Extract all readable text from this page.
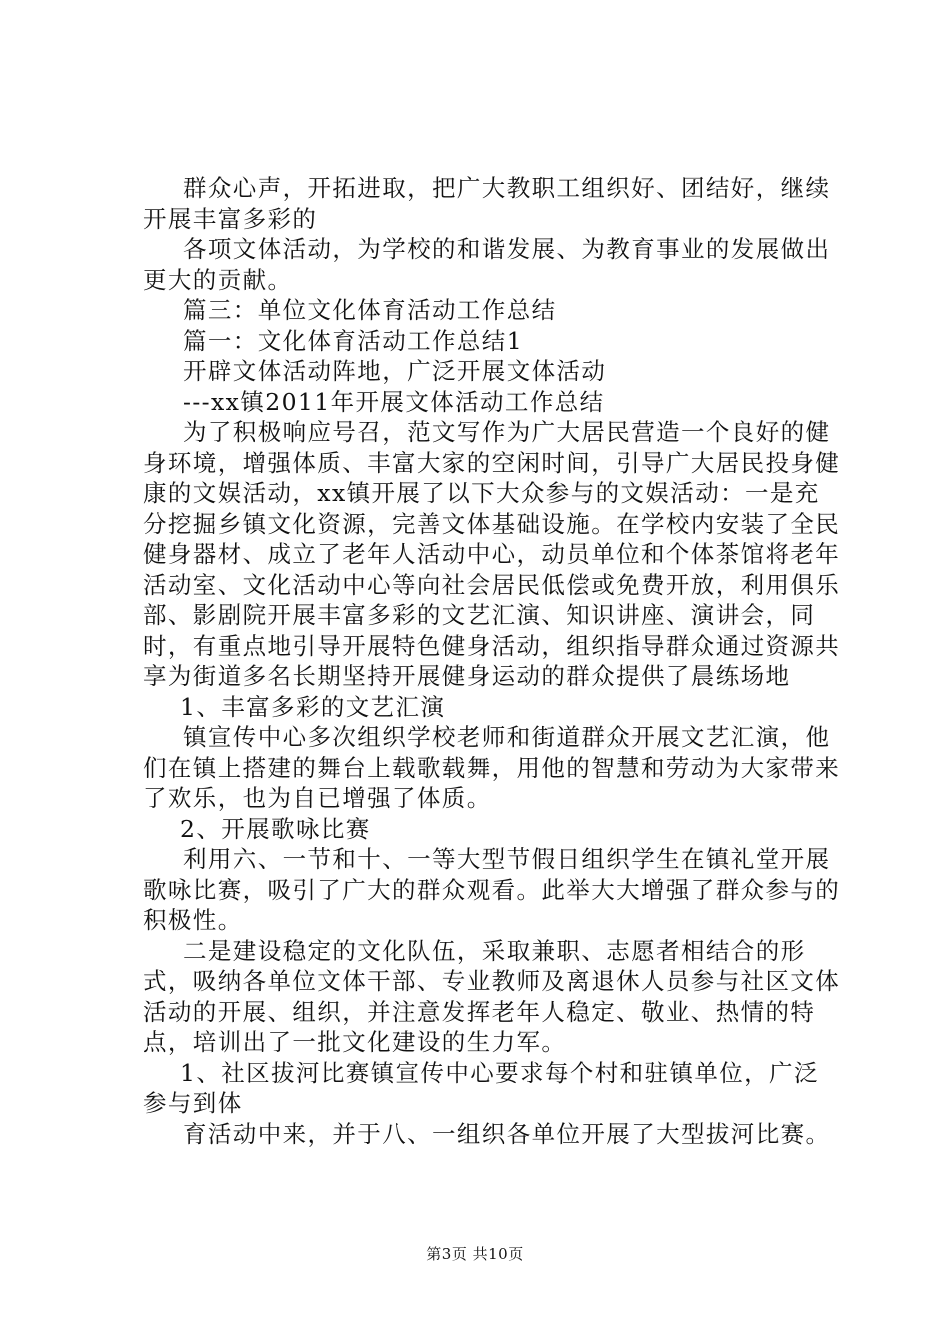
群众心声，开拓进取，把广大教职工组织好、团结好，继续开展丰富多彩的

各项文体活动，为学校的和谐发展、为教育事业的发展做出更大的贡献。

篇三：单位文化体育活动工作总结

篇一：文化体育活动工作总结1

开辟文体活动阵地，广泛开展文体活动

---xx镇2011年开展文体活动工作总结

为了积极响应号召，范文写作为广大居民营造一个良好的健身环境，增强体质、丰富大家的空闲时间，引导广大居民投身健康的文娱活动，xx镇开展了以下大众参与的文娱活动：一是充分挖掘乡镇文化资源，完善文体基础设施。在学校内安装了全民健身器材、成立了老年人活动中心，动员单位和个体茶馆将老年活动室、文化活动中心等向社会居民低偿或免费开放，利用俱乐部、影剧院开展丰富多彩的文艺汇演、知识讲座、演讲会，同时，有重点地引导开展特色健身活动，组织指导群众通过资源共享为街道多名长期坚持开展健身运动的群众提供了晨练场地

1、丰富多彩的文艺汇演

镇宣传中心多次组织学校老师和街道群众开展文艺汇演，他们在镇上搭建的舞台上载歌载舞，用他的智慧和劳动为大家带来了欢乐，也为自已增强了体质。

2、开展歌咏比赛

利用六、一节和十、一等大型节假日组织学生在镇礼堂开展歌咏比赛，吸引了广大的群众观看。此举大大增强了群众参与的积极性。

二是建设稳定的文化队伍，采取兼职、志愿者相结合的形式，吸纳各单位文体干部、专业教师及离退休人员参与社区文体活动的开展、组织，并注意发挥老年人稳定、敬业、热情的特点，培训出了一批文化建设的生力军。

1、社区拔河比赛镇宣传中心要求每个村和驻镇单位，广泛参与到体

育活动中来，并于八、一组织各单位开展了大型拔河比赛。

第3页 共10页
